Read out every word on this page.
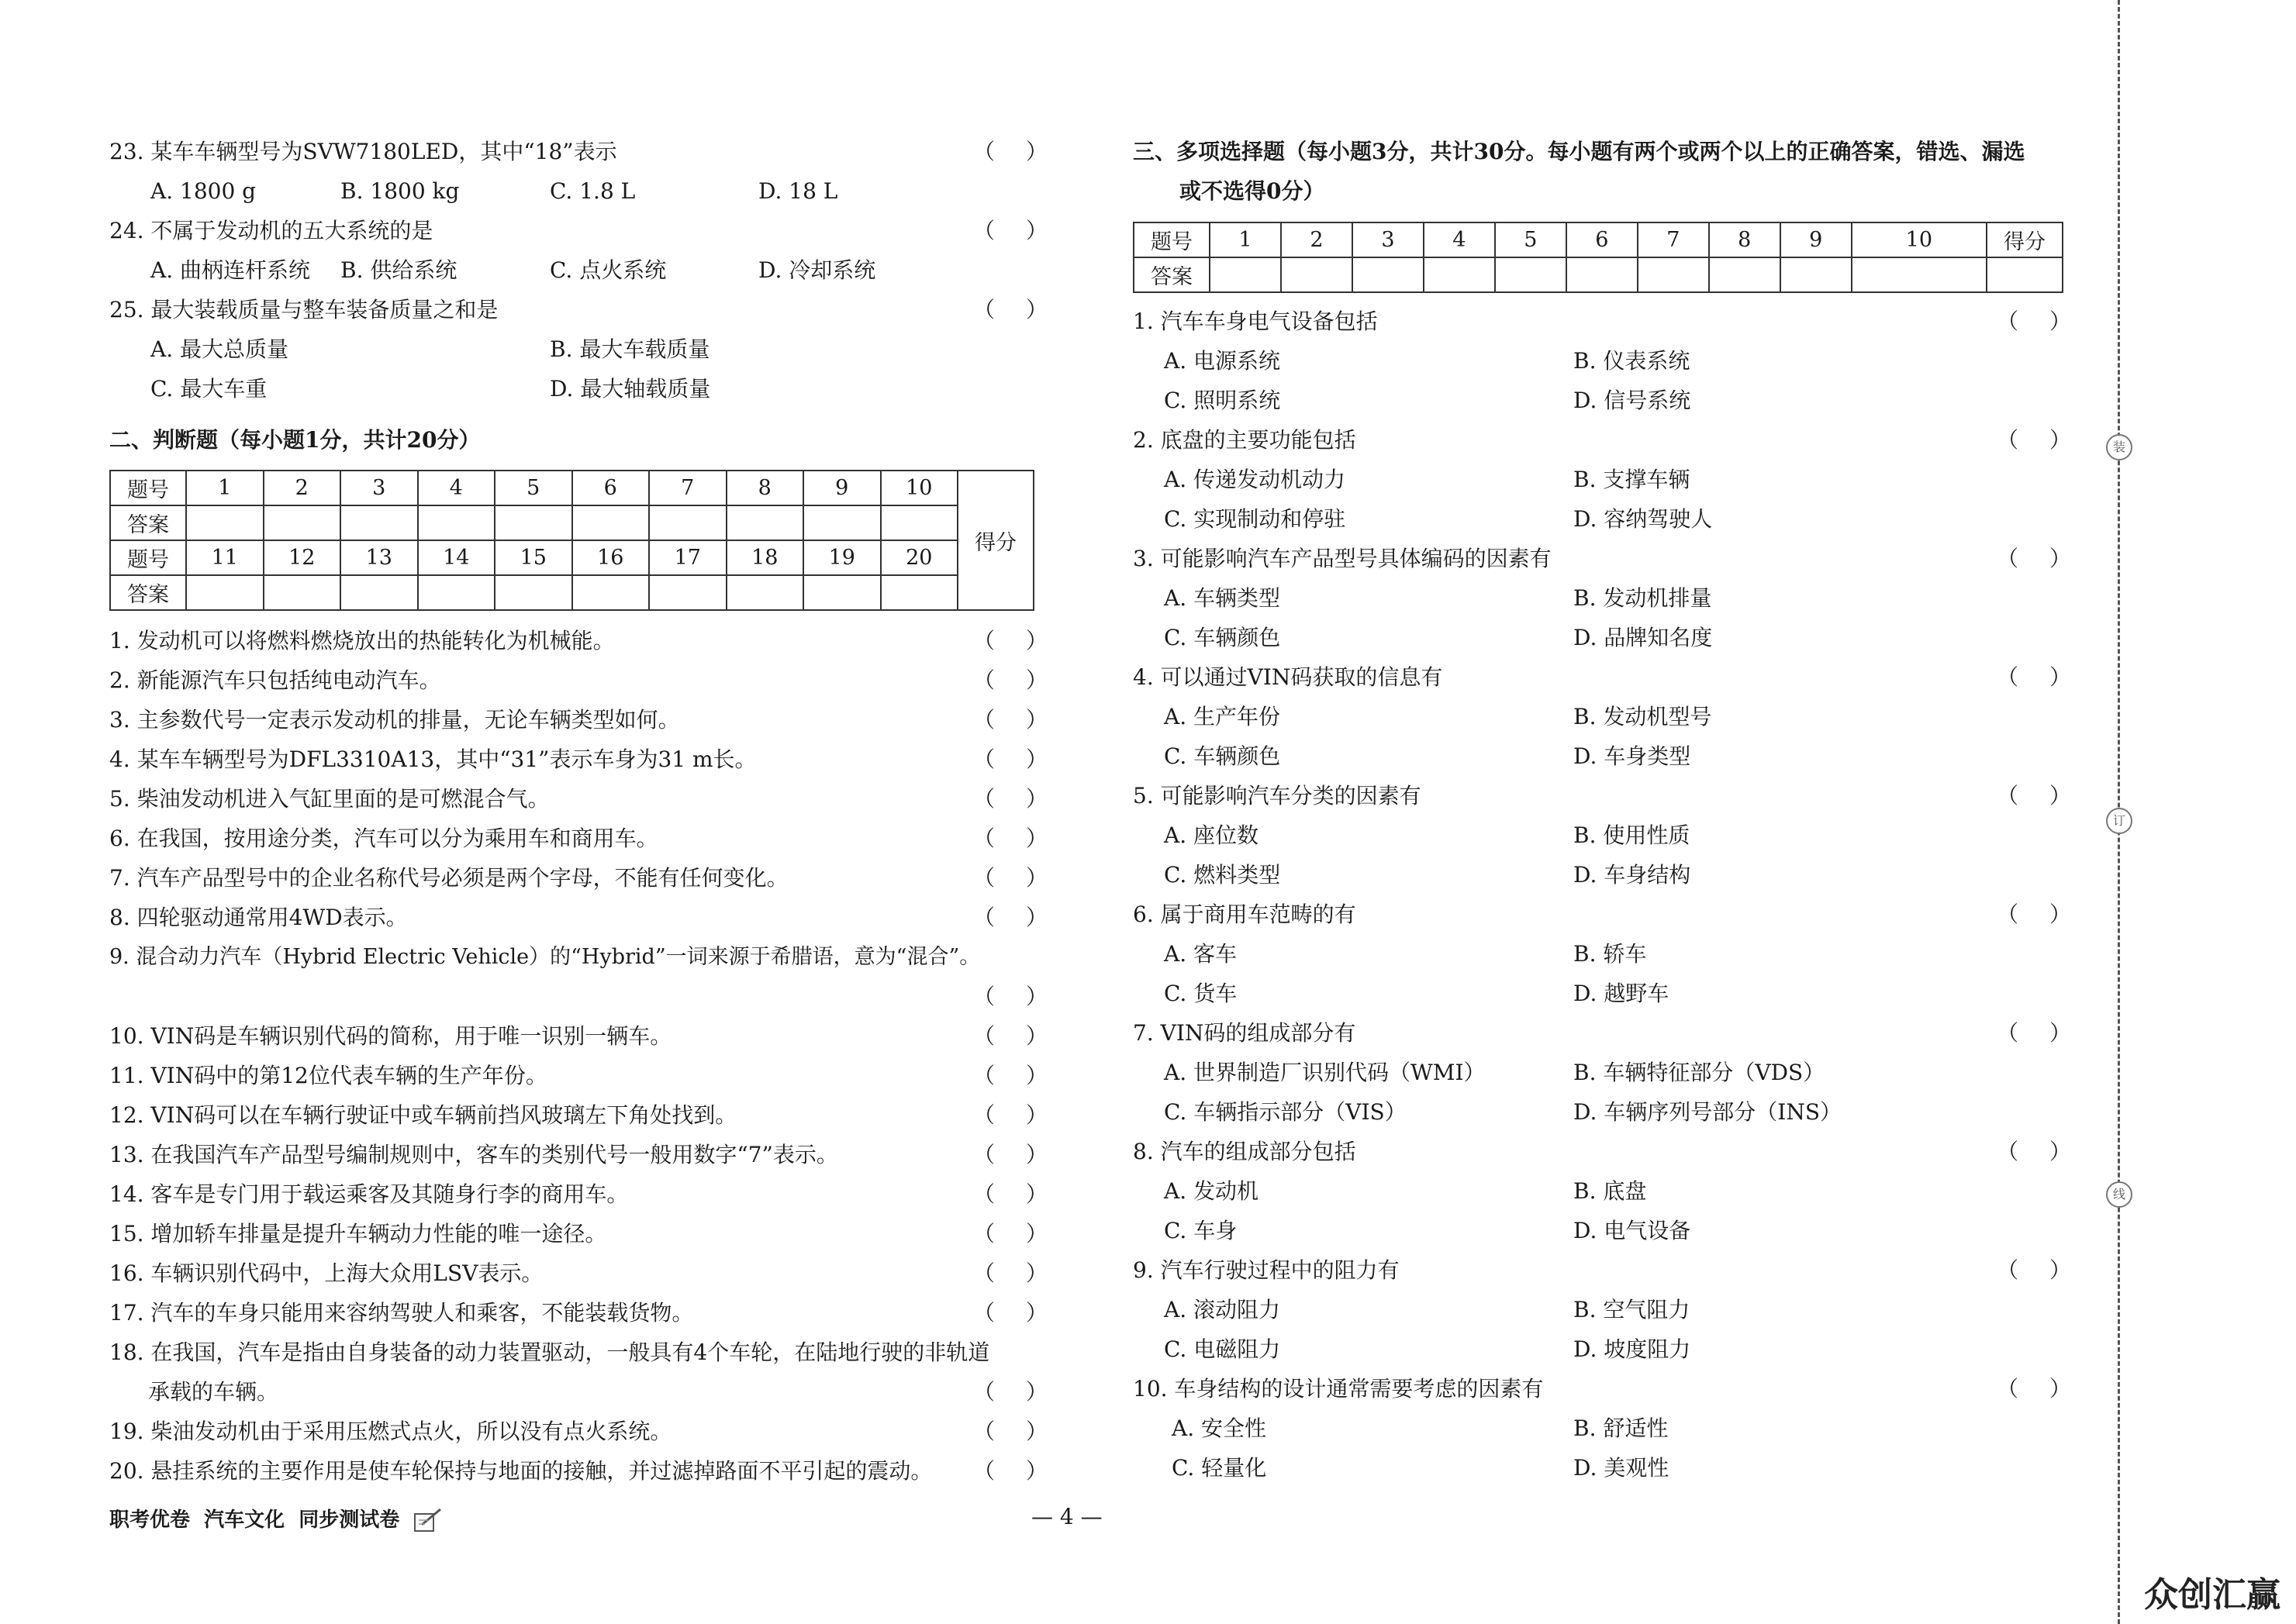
23. 某车车辆型号为SVW7180LED，其中“18”表示	（ ）
A. 1800 g	B. 1800 kg	C. 1.8 L	D. 18 L
24. 不属于发动机的五大系统的是	（ ）
A. 曲柄连杆系统 B. 供给系统	C. 点火系统	D. 冷却系统
25. 最大装载质量与整车装备质量之和是	（ ）
A. 最大总质量	B. 最大车载质量
C. 最大车重	D. 最大轴载质量
二、判断题（每小题1分，共计20分）
题号	1	2	3	4	5	6	7	8	9	10	得分
答案											
题号	11	12	13	14	15	16	17	18	19	20	
答案											
1. 发动机可以将燃料燃烧放出的热能转化为机械能。	（ ）
2. 新能源汽车只包括纯电动汽车。	（ ）
3. 主参数代号一定表示发动机的排量，无论车辆类型如何。	（ ）
4. 某车车辆型号为DFL3310A13，其中“31”表示车身为31 m长。	（ ）
5. 柴油发动机进入气缸里面的是可燃混合气。	（ ）
6. 在我国，按用途分类，汽车可以分为乘用车和商用车。	（ ）
7. 汽车产品型号中的企业名称代号必须是两个字母，不能有任何变化。	（ ）
8. 四轮驱动通常用4WD表示。	（ ）
9. 混合动力汽车（Hybrid Electric Vehicle）的“Hybrid”一词来源于希腊语，意为“混合”。
（ ）
10. VIN码是车辆识别代码的简称，用于唯一识别一辆车。	（ ）
11. VIN码中的第12位代表车辆的生产年份。	（ ）
12. VIN码可以在车辆行驶证中或车辆前挡风玻璃左下角处找到。	（ ）
13. 在我国汽车产品型号编制规则中，客车的类别代号一般用数字“7”表示。	（ ）
14. 客车是专门用于载运乘客及其随身行李的商用车。	（ ）
15. 增加轿车排量是提升车辆动力性能的唯一途径。	（ ）
16. 车辆识别代码中，上海大众用LSV表示。	（ ）
17. 汽车的车身只能用来容纳驾驶人和乘客，不能装载货物。	（ ）
18. 在我国，汽车是指由自身装备的动力装置驱动，一般具有4个车轮，在陆地行驶的非轨道
承载的车辆。	（ ）
19. 柴油发动机由于采用压燃式点火，所以没有点火系统。	（ ）
20. 悬挂系统的主要作用是使车轮保持与地面的接触，并过滤掉路面不平引起的震动。 （ ）
三、多项选择题（每小题3分，共计30分。每小题有两个或两个以上的正确答案，错选、漏选
或不选得0分）
题号	1	2	3	4	5	6	7	8	9	10	得分
答案											
1. 汽车车身电气设备包括	（ ）
A. 电源系统	B. 仪表系统
C. 照明系统	D. 信号系统
2. 底盘的主要功能包括	（ ）
A. 传递发动机动力	B. 支撑车辆
C. 实现制动和停驻	D. 容纳驾驶人
3. 可能影响汽车产品型号具体编码的因素有	（ ）
A. 车辆类型	B. 发动机排量
C. 车辆颜色	D. 品牌知名度
4. 可以通过VIN码获取的信息有	（ ）
A. 生产年份	B. 发动机型号
C. 车辆颜色	D. 车身类型
5. 可能影响汽车分类的因素有	（ ）
A. 座位数	B. 使用性质
C. 燃料类型	D. 车身结构
6. 属于商用车范畴的有	（ ）
A. 客车	B. 轿车
C. 货车	D. 越野车
7. VIN码的组成部分有	（ ）
A. 世界制造厂识别代码（WMI）	B. 车辆特征部分（VDS）
C. 车辆指示部分（VIS）	D. 车辆序列号部分（INS）
8. 汽车的组成部分包括	（ ）
A. 发动机	B. 底盘
C. 车身	D. 电气设备
9. 汽车行驶过程中的阻力有	（ ）
A. 滚动阻力	B. 空气阻力
C. 电磁阻力	D. 坡度阻力
10. 车身结构的设计通常需要考虑的因素有	（ ）
A. 安全性	B. 舒适性
C. 轻量化	D. 美观性
职考优卷  汽车文化  同步测试卷	— 4 —
装
订
线
众创汇赢
